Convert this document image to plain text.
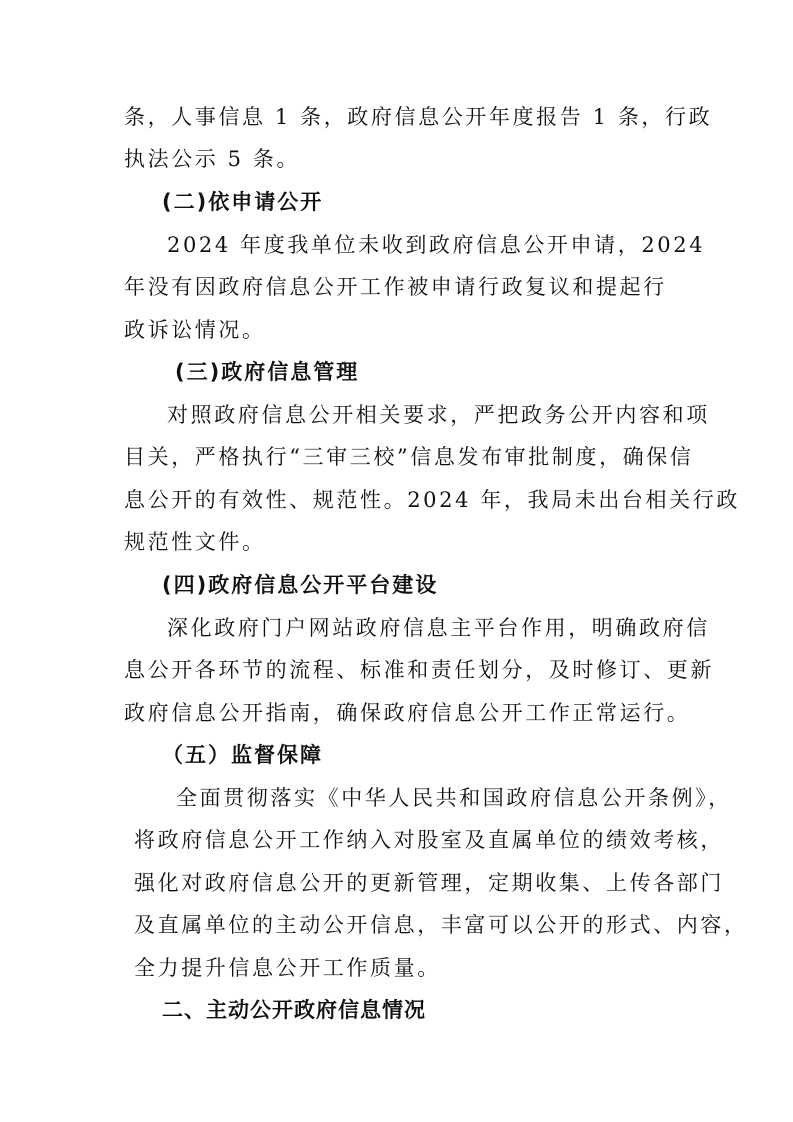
条，人事信息 1 条，政府信息公开年度报告 1 条，行政
执法公示 5 条。
(二)依申请公开
2024 年度我单位未收到政府信息公开申请，2024
年没有因政府信息公开工作被申请行政复议和提起行
政诉讼情况。
(三)政府信息管理
对照政府信息公开相关要求，严把政务公开内容和项
目关，严格执行“三审三校”信息发布审批制度，确保信
息公开的有效性、规范性。2024 年，我局未出台相关行政
规范性文件。
(四)政府信息公开平台建设
深化政府门户网站政府信息主平台作用，明确政府信
息公开各环节的流程、标准和责任划分，及时修订、更新
政府信息公开指南，确保政府信息公开工作正常运行。
（五）监督保障
全面贯彻落实《中华人民共和国政府信息公开条例》，
将政府信息公开工作纳入对股室及直属单位的绩效考核，
强化对政府信息公开的更新管理，定期收集、上传各部门
及直属单位的主动公开信息，丰富可以公开的形式、内容，
全力提升信息公开工作质量。
二、主动公开政府信息情况
